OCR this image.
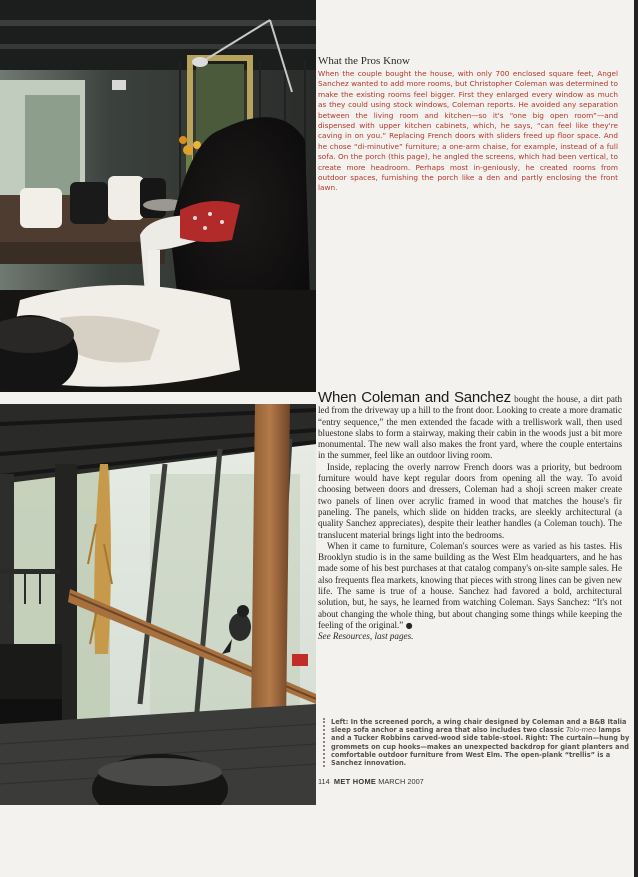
What the Pros Know

When the couple bought the house, with only 700 enclosed square feet, Angel Sanchez wanted to add more rooms, but Christopher Coleman was determined to make the existing rooms feel bigger. First they enlarged every window as much as they could using stock windows, Coleman reports. He avoided any separation between the living room and kitchen—so it's “one big open room”—and dispensed with upper kitchen cabinets, which, he says, “can feel like they're caving in on you.” Replacing French doors with sliders freed up floor space. And he chose “di-minutive” furniture; a one-arm chaise, for example, instead of a full sofa. On the porch (this page), he angled the screens, which had been vertical, to create more headroom. Perhaps most in-geniously, he created rooms from outdoor spaces, furnishing the porch like a den and partly enclosing the front lawn.

When Coleman and Sanchez bought the house, a dirt path led from the driveway up a hill to the front door. Looking to create a more dramatic “entry sequence,” the men extended the facade with a trelliswork wall, then used bluestone slabs to form a stairway, making their cabin in the woods just a bit more monumental. The new wall also makes the front yard, where the couple entertains in the summer, feel like an outdoor living room.

Inside, replacing the overly narrow French doors was a priority, but bedroom furniture would have kept regular doors from opening all the way. To avoid choosing between doors and dressers, Coleman had a shoji screen maker create two panels of linen over acrylic framed in wood that matches the house's fir paneling. The panels, which slide on hidden tracks, are sleekly architectural (a quality Sanchez appreciates), despite their leather handles (a Coleman touch). The translucent material brings light into the bedrooms.

When it came to furniture, Coleman's sources were as varied as his tastes. His Brooklyn studio is in the same building as the West Elm headquarters, and he has made some of his best purchases at that catalog company's on-site sample sales. He also frequents flea markets, knowing that pieces with strong lines can be given new life. The same is true of a house. Sanchez had favored a bold, architectural solution, but, he says, he learned from watching Coleman. Says Sanchez: “It's not about changing the whole thing, but about changing some things while keeping the feeling of the original.” ●
See Resources, last pages.

Left: In the screened porch, a wing chair designed by Coleman and a B&B Italia sleep sofa anchor a seating area that also includes two classic Tolo-meo lamps and a Tucker Robbins carved-wood side table-stool. Right: The curtain—hung by grommets on cup hooks—makes an unexpected backdrop for giant planters and comfortable outdoor furniture from West Elm. The open-plank “trellis” is a Sanchez innovation.
114 MET HOME MARCH 2007
